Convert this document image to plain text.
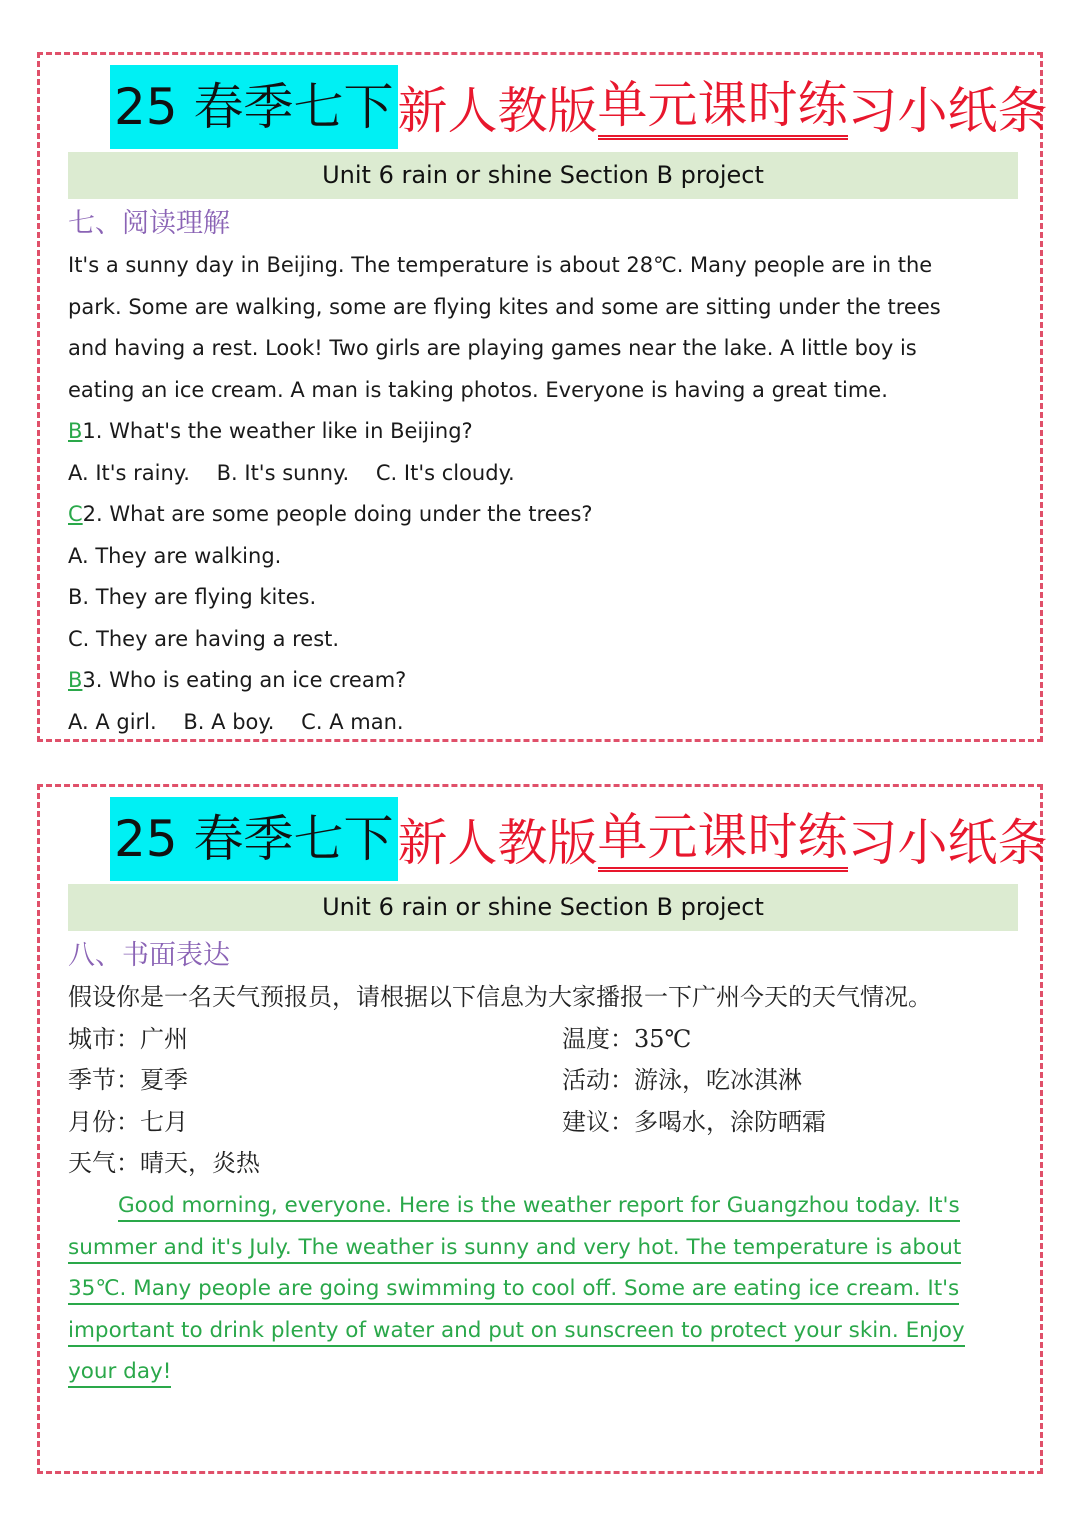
25 春季七下 新人教版 单元课时练 习小纸条
Unit 6 rain or shine Section B project
七、阅读理解
It's a sunny day in Beijing. The temperature is about 28℃. Many people are in the
park. Some are walking, some are flying kites and some are sitting under the trees
and having a rest. Look! Two girls are playing games near the lake. A little boy is
eating an ice cream. A man is taking photos. Everyone is having a great time.
B1. What's the weather like in Beijing?
A. It's rainy.    B. It's sunny.    C. It's cloudy.
C2. What are some people doing under the trees?
A. They are walking.
B. They are flying kites.
C. They are having a rest.
B3. Who is eating an ice cream?
A. A girl.    B. A boy.    C. A man.
25 春季七下 新人教版 单元课时练 习小纸条
Unit 6 rain or shine Section B project
八、书面表达
假设你是一名天气预报员，请根据以下信息为大家播报一下广州今天的天气情况。
城市：广州
季节：夏季
月份：七月
天气：晴天，炎热
温度：35℃
活动：游泳，吃冰淇淋
建议：多喝水，涂防晒霜
Good morning, everyone. Here is the weather report for Guangzhou today. It's
summer and it's July. The weather is sunny and very hot. The temperature is about
35℃. Many people are going swimming to cool off. Some are eating ice cream. It's
important to drink plenty of water and put on sunscreen to protect your skin. Enjoy
your day!
